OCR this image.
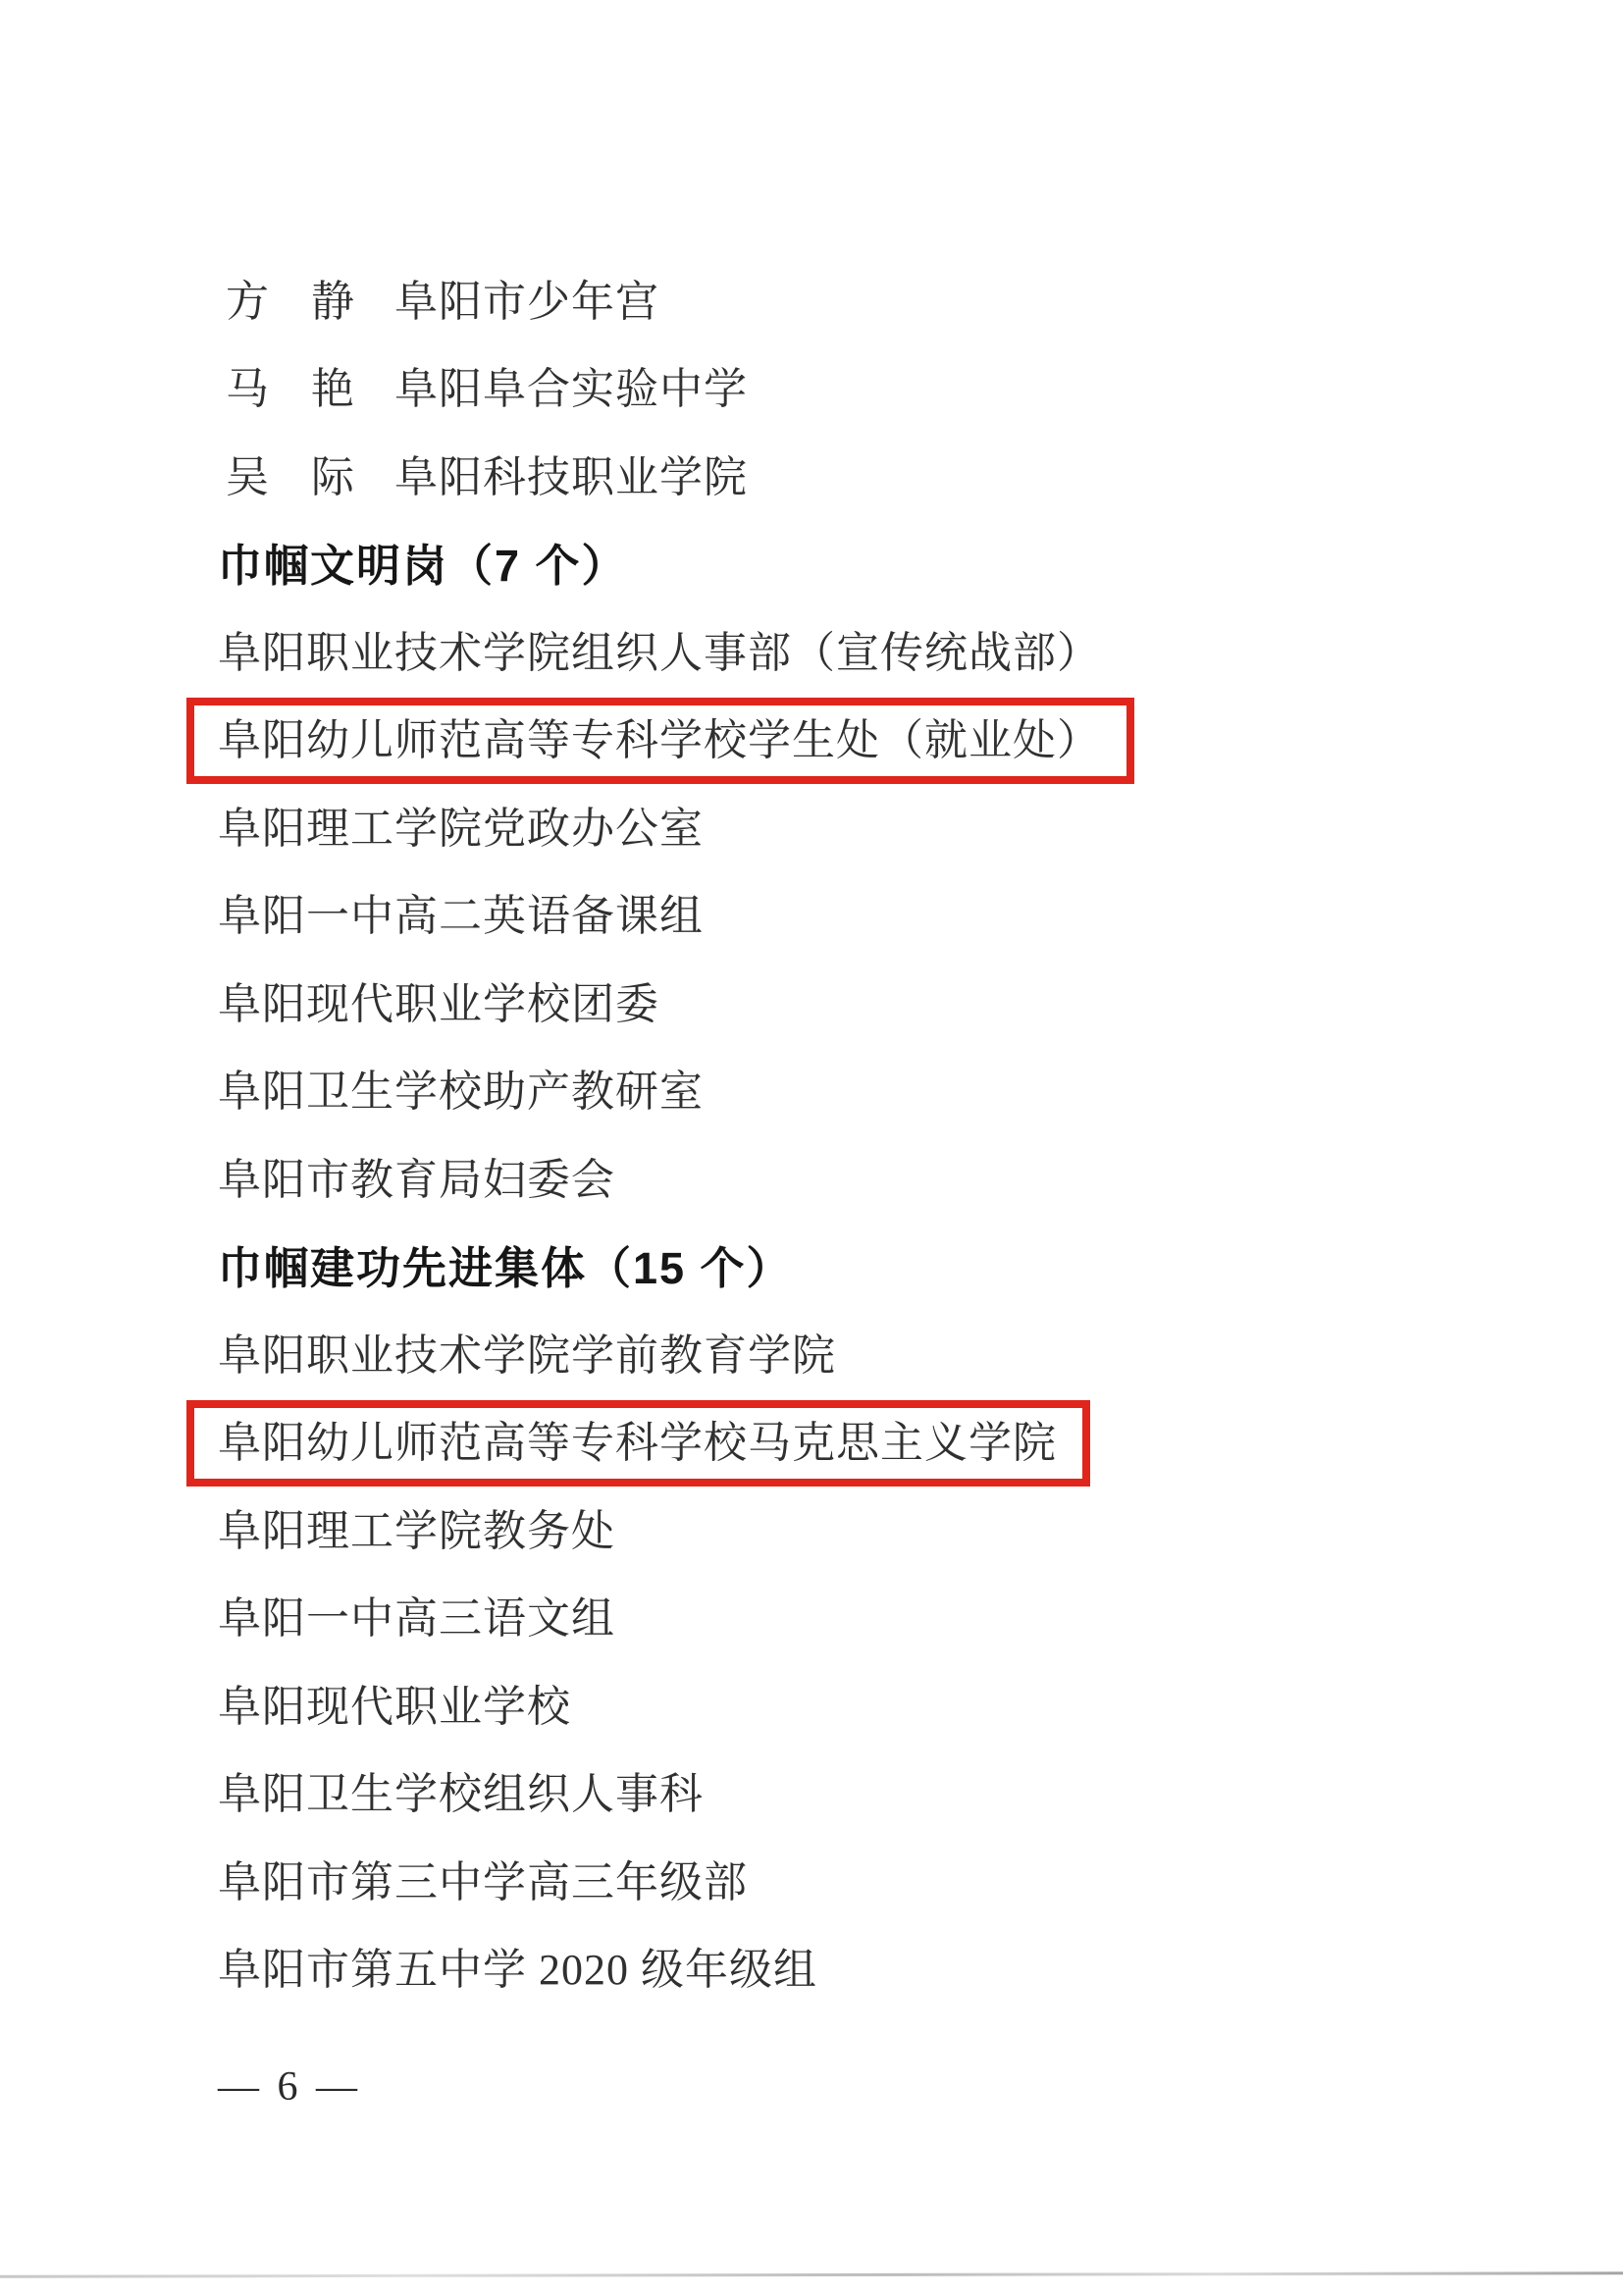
方 静 阜阳市少年宫
马 艳 阜阳阜合实验中学
吴 际 阜阳科技职业学院
巾帼文明岗（7 个）
阜阳职业技术学院组织人事部（宣传统战部）
阜阳幼儿师范高等专科学校学生处（就业处）
阜阳理工学院党政办公室
阜阳一中高二英语备课组
阜阳现代职业学校团委
阜阳卫生学校助产教研室
阜阳市教育局妇委会
巾帼建功先进集体（15 个）
阜阳职业技术学院学前教育学院
阜阳幼儿师范高等专科学校马克思主义学院
阜阳理工学院教务处
阜阳一中高三语文组
阜阳现代职业学校
阜阳卫生学校组织人事科
阜阳市第三中学高三年级部
阜阳市第五中学 2020 级年级组
— 6 —
